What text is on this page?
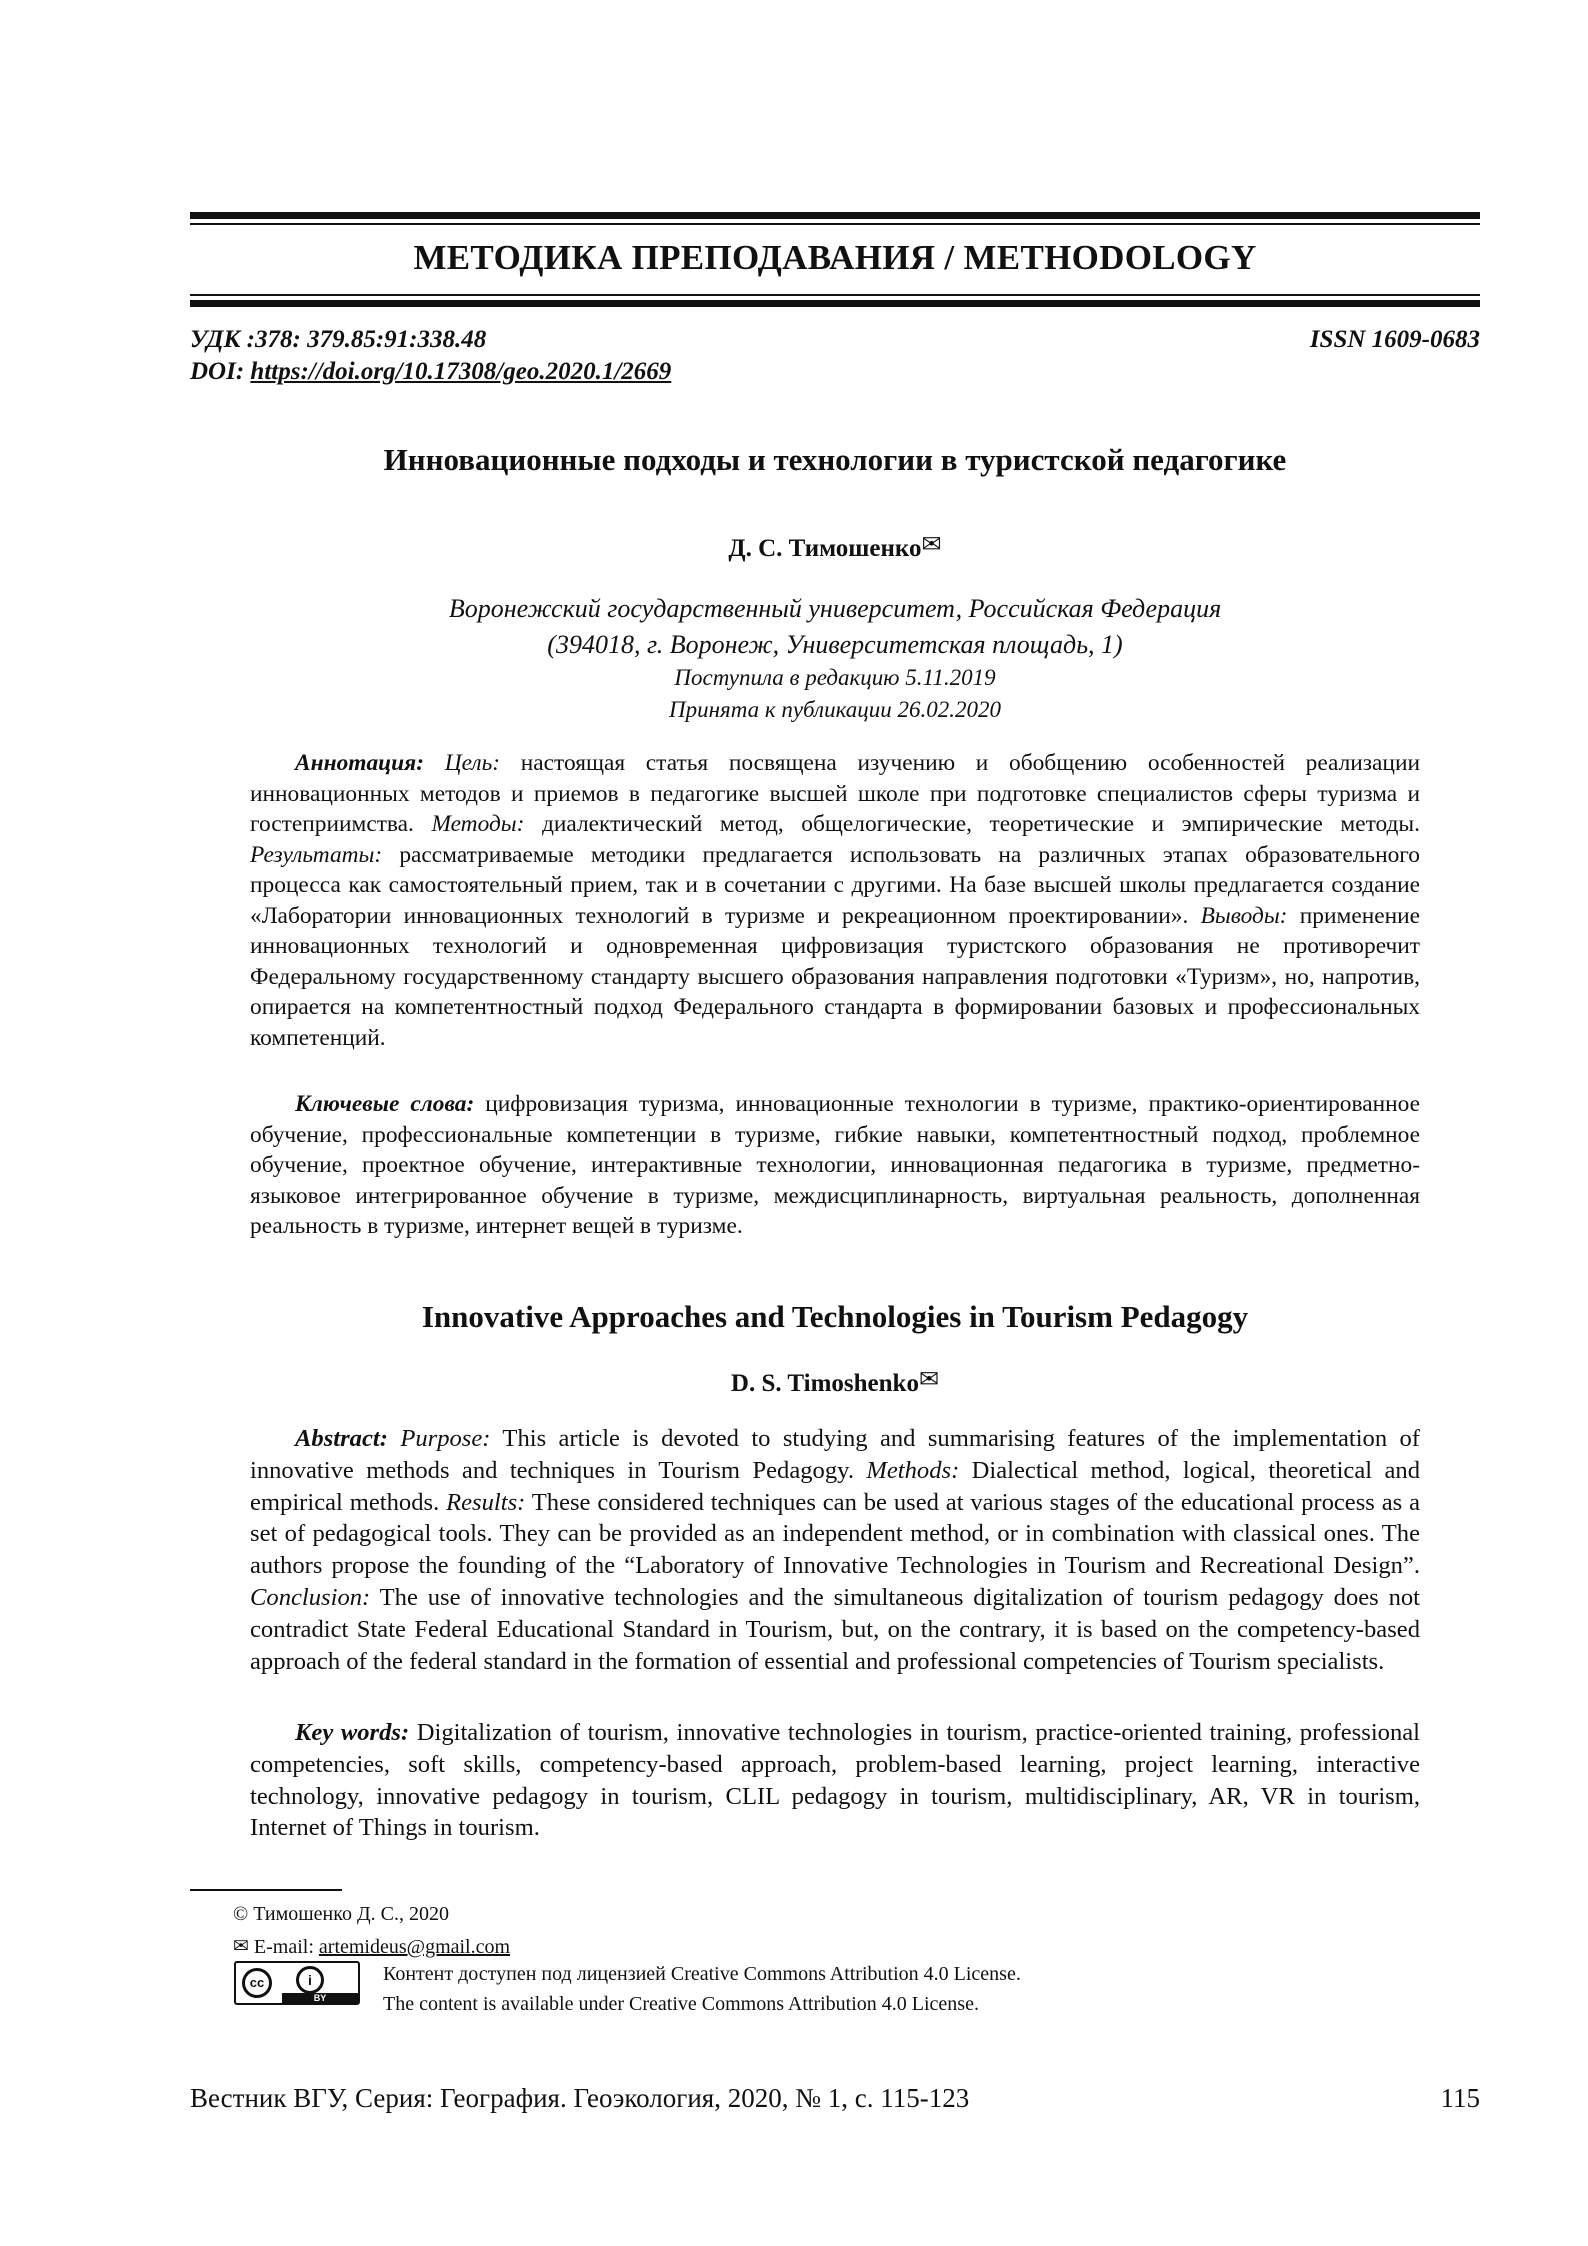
МЕТОДИКА ПРЕПОДАВАНИЯ / METHODOLOGY
УДК :378: 379.85:91:338.48	ISSN 1609-0683
DOI: https://doi.org/10.17308/geo.2020.1/2669
Инновационные подходы и технологии в туристской педагогике
Д. С. Тимошенко✉
Воронежский государственный университет, Российская Федерация
(394018, г. Воронеж, Университетская площадь, 1)
Поступила в редакцию 5.11.2019
Принята к публикации 26.02.2020
Аннотация: Цель: настоящая статья посвящена изучению и обобщению особенностей реализации инновационных методов и приемов в педагогике высшей школе при подготовке специалистов сферы туризма и гостеприимства. Методы: диалектический метод, общелогические, теоретические и эмпирические методы. Результаты: рассматриваемые методики предлагается использовать на различных этапах образовательного процесса как самостоятельный прием, так и в сочетании с другими. На базе высшей школы предлагается создание «Лаборатории инновационных технологий в туризме и рекреационном проектировании». Выводы: применение инновационных технологий и одновременная цифровизация туристского образования не противоречит Федеральному государственному стандарту высшего образования направления подготовки «Туризм», но, напротив, опирается на компетентностный подход Федерального стандарта в формировании базовых и профессиональных компетенций.
Ключевые слова: цифровизация туризма, инновационные технологии в туризме, практико-ориентированное обучение, профессиональные компетенции в туризме, гибкие навыки, компетентностный подход, проблемное обучение, проектное обучение, интерактивные технологии, инновационная педагогика в туризме, предметно-языковое интегрированное обучение в туризме, междисциплинарность, виртуальная реальность, дополненная реальность в туризме, интернет вещей в туризме.
Innovative Approaches and Technologies in Tourism Pedagogy
D. S. Timoshenko✉
Abstract: Purpose: This article is devoted to studying and summarising features of the implementation of innovative methods and techniques in Tourism Pedagogy. Methods: Dialectical method, logical, theoretical and empirical methods. Results: These considered techniques can be used at various stages of the educational process as a set of pedagogical tools. They can be provided as an independent method, or in combination with classical ones. The authors propose the founding of the “Laboratory of Innovative Technologies in Tourism and Recreational Design”. Conclusion: The use of innovative technologies and the simultaneous digitalization of tourism pedagogy does not contradict State Federal Educational Standard in Tourism, but, on the contrary, it is based on the competency-based approach of the federal standard in the formation of essential and professional competencies of Tourism specialists.
Key words: Digitalization of tourism, innovative technologies in tourism, practice-oriented training, professional competencies, soft skills, competency-based approach, problem-based learning, project learning, interactive technology, innovative pedagogy in tourism, CLIL pedagogy in tourism, multidisciplinary, AR, VR in tourism, Internet of Things in tourism.
© Тимошенко Д. С., 2020
✉ E-mail: artemideus@gmail.com
cc	i
BY
Контент доступен под лицензией Creative Commons Attribution 4.0 License.
The content is available under Creative Commons Attribution 4.0 License.
Вестник ВГУ, Серия: География. Геоэкология, 2020, № 1, с. 115-123	115
